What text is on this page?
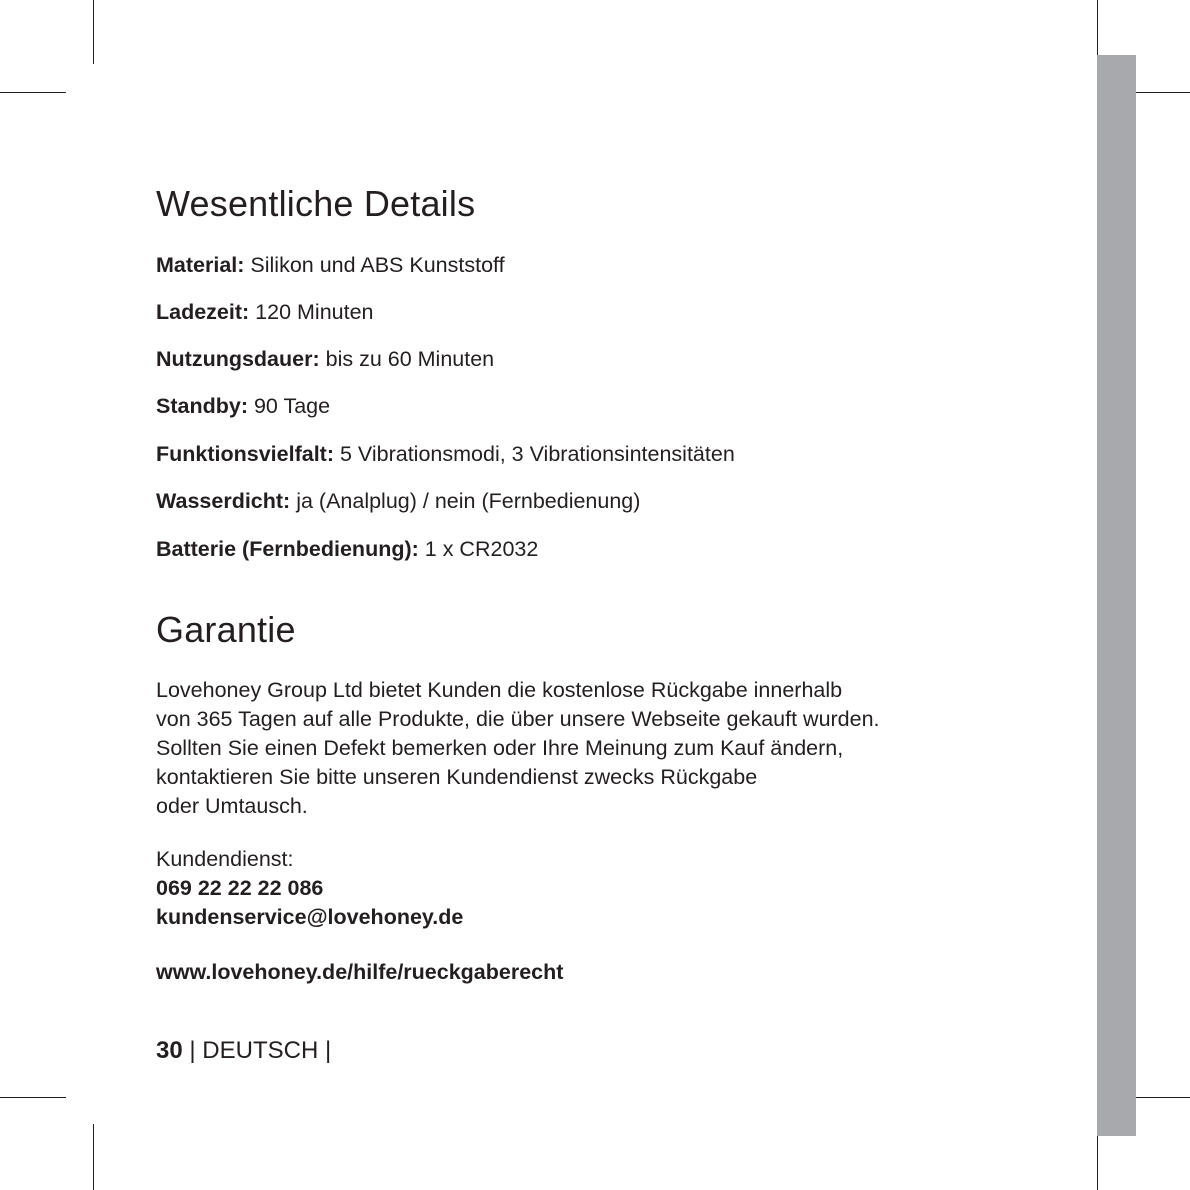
Wesentliche Details

Material: Silikon und ABS Kunststoff

Ladezeit: 120 Minuten

Nutzungsdauer: bis zu 60 Minuten

Standby: 90 Tage

Funktionsvielfalt: 5 Vibrationsmodi, 3 Vibrationsintensitäten

Wasserdicht: ja (Analplug) / nein (Fernbedienung)

Batterie (Fernbedienung): 1 x CR2032

Garantie

Lovehoney Group Ltd bietet Kunden die kostenlose Rückgabe innerhalb
von 365 Tagen auf alle Produkte, die über unsere Webseite gekauft wurden.
Sollten Sie einen Defekt bemerken oder Ihre Meinung zum Kauf ändern,
kontaktieren Sie bitte unseren Kundendienst zwecks Rückgabe
oder Umtausch.

Kundendienst:
069 22 22 22 086
kundenservice@lovehoney.de

www.lovehoney.de/hilfe/rueckgaberecht

30 | DEUTSCH |
